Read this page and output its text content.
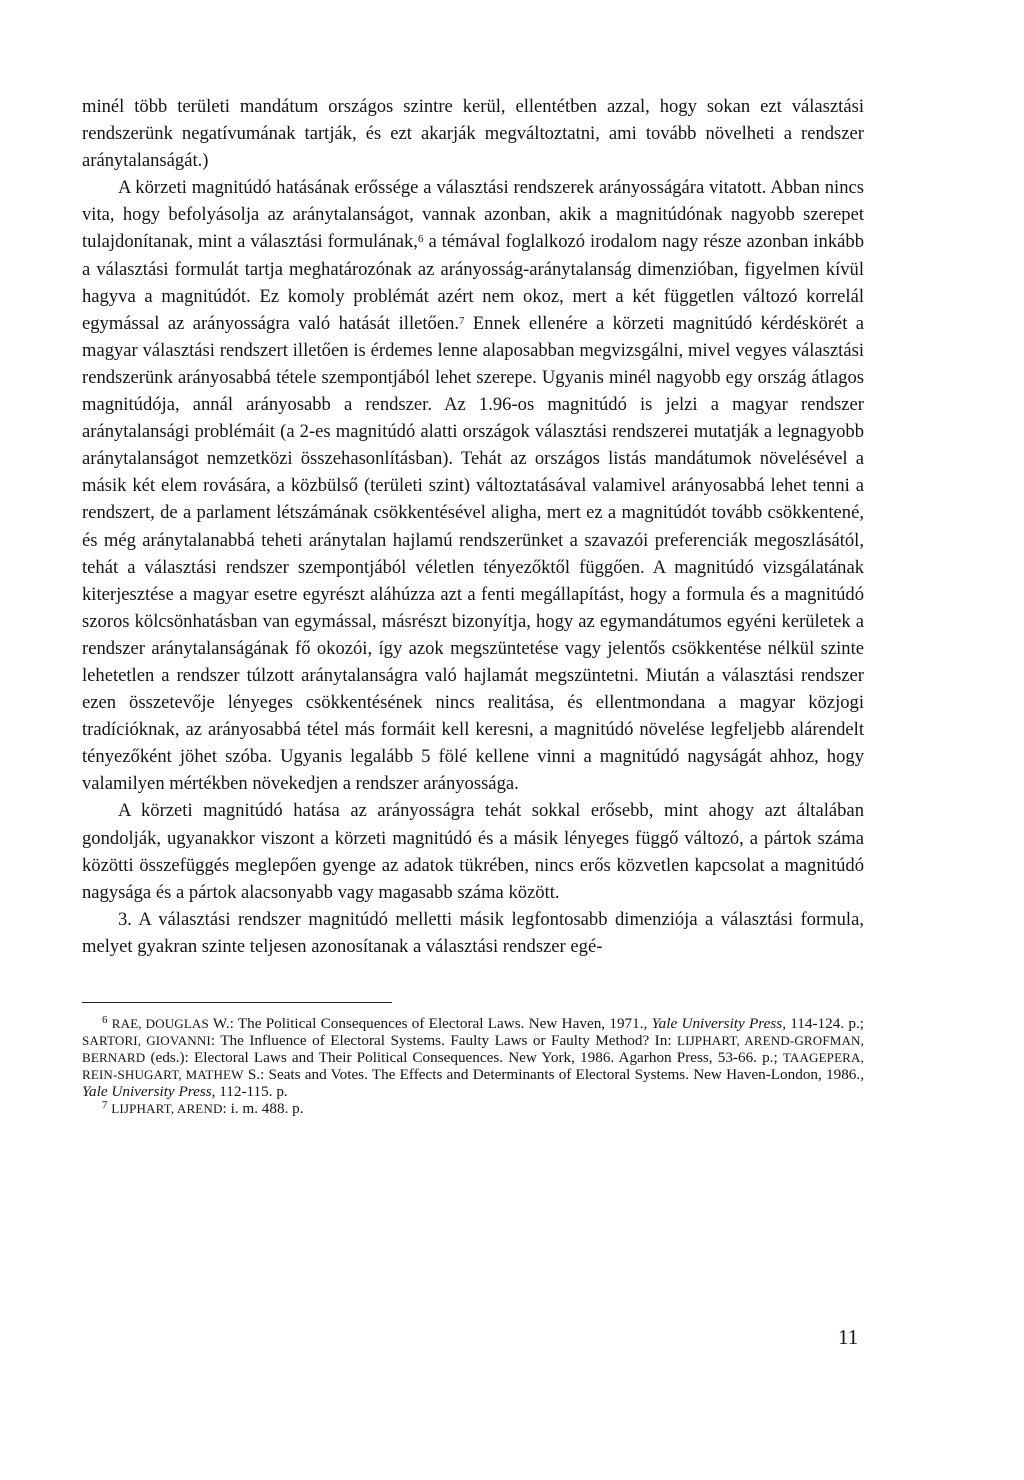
minél több területi mandátum országos szintre kerül, ellentétben azzal, hogy sokan ezt választási rendszerünk negatívumának tartják, és ezt akarják megváltoztatni, ami tovább növelheti a rendszer aránytalanságát.)

A körzeti magnitúdó hatásának erőssége a választási rendszerek arányosságára vitatott. Abban nincs vita, hogy befolyásolja az aránytalanságot, vannak azonban, akik a magnitúdónak nagyobb szerepet tulajdonítanak, mint a választási formulának,$^6$ a témával foglalkozó irodalom nagy része azonban inkább a választási formulát tartja meghatározónak az arányosság-aránytalanság dimenzióban, figyelmen kívül hagyva a magnitúdót. Ez komoly problémát azért nem okoz, mert a két független változó korrelál egymással az arányosságra való hatását illetően.$^7$ Ennek ellenére a körzeti magnitúdó kérdéskörét a magyar választási rendszert illetően is érdemes lenne alaposabban megvizsgálni, mivel vegyes választási rendszerünk arányosabbá tétele szempontjából lehet szerepe. Ugyanis minél nagyobb egy ország átlagos magnitúdója, annál arányosabb a rendszer. Az 1.96-os magnitúdó is jelzi a magyar rendszer aránytalansági problémáit (a 2-es magnitúdó alatti országok választási rendszerei mutatják a legnagyobb aránytalanságot nemzetközi összehasonlításban). Tehát az országos listás mandátumok növelésével a másik két elem rovására, a közbülső (területi szint) változtatásával valamivel arányosabbá lehet tenni a rendszert, de a parlament létszámának csökkentésével aligha, mert ez a magnitúdót tovább csökkentené, és még aránytalanabbá teheti aránytalan hajlamú rendszerünket a szavazói preferenciák megoszlásától, tehát a választási rendszer szempontjából véletlen tényezőktől függően. A magnitúdó vizsgálatának kiterjesztése a magyar esetre egyrészt aláhúzza azt a fenti megállapítást, hogy a formula és a magnitúdó szoros kölcsönhatásban van egymással, másrészt bizonyítja, hogy az egymandátumos egyéni kerületek a rendszer aránytalanságának fő okozói, így azok megszüntetése vagy jelentős csökkentése nélkül szinte lehetetlen a rendszer túlzott aránytalanságra való hajlamát megszüntetni. Miután a választási rendszer ezen összetevője lényeges csökkentésének nincs realitása, és ellentmondana a magyar közjogi tradícióknak, az arányosabbá tétel más formáit kell keresni, a magnitúdó növelése legfeljebb alárendelt tényezőként jöhet szóba. Ugyanis legalább 5 fölé kellene vinni a magnitúdó nagyságát ahhoz, hogy valamilyen mértékben növekedjen a rendszer arányossága.

A körzeti magnitúdó hatása az arányosságra tehát sokkal erősebb, mint ahogy azt általában gondolják, ugyanakkor viszont a körzeti magnitúdó és a másik lényeges függő változó, a pártok száma közötti összefüggés meglepően gyenge az adatok tükrében, nincs erős közvetlen kapcsolat a magnitúdó nagysága és a pártok alacsonyabb vagy magasabb száma között.

3. A választási rendszer magnitúdó melletti másik legfontosabb dimenziója a választási formula, melyet gyakran szinte teljesen azonosítanak a választási rendszer egé-

$^6$ RAE, DOUGLAS W.: The Political Consequences of Electoral Laws. New Haven, 1971., Yale University Press, 114-124. p.; SARTORI, GIOVANNI: The Influence of Electoral Systems. Faulty Laws or Faulty Method? In: LIJPHART, AREND-GROFMAN, BERNARD (eds.): Electoral Laws and Their Political Consequences. New York, 1986. Agarhon Press, 53-66. p.; TAAGEPERA, REIN-SHUGART, MATHEW S.: Seats and Votes. The Effects and Determinants of Electoral Systems. New Haven-London, 1986., Yale University Press, 112-115. p.

$^7$ LIJPHART, AREND: i. m. 488. p.

11
